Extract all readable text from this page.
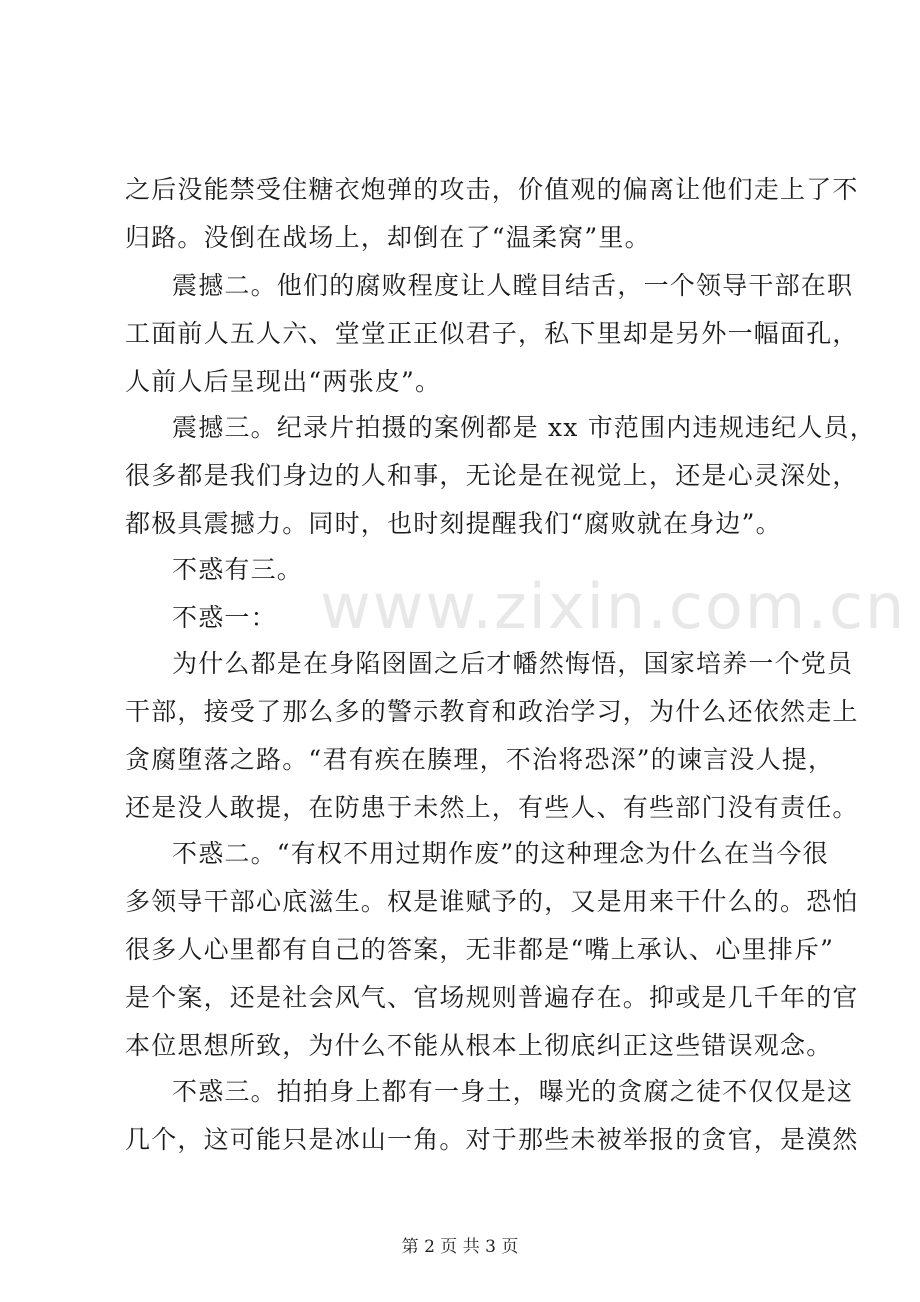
www.zixin.com.cn
之后没能禁受住糖衣炮弹的攻击，价值观的偏离让他们走上了不
归路。没倒在战场上，却倒在了“温柔窝”里。
震撼二。他们的腐败程度让人瞠目结舌，一个领导干部在职
工面前人五人六、堂堂正正似君子，私下里却是另外一幅面孔，
人前人后呈现出“两张皮”。
震撼三。纪录片拍摄的案例都是 xx 市范围内违规违纪人员，
很多都是我们身边的人和事，无论是在视觉上，还是心灵深处，
都极具震撼力。同时，也时刻提醒我们“腐败就在身边”。
不惑有三。
不惑一：
为什么都是在身陷囹圄之后才幡然悔悟，国家培养一个党员
干部，接受了那么多的警示教育和政治学习，为什么还依然走上
贪腐堕落之路。“君有疾在腠理，不治将恐深”的谏言没人提，
还是没人敢提，在防患于未然上，有些人、有些部门没有责任。
不惑二。“有权不用过期作废”的这种理念为什么在当今很
多领导干部心底滋生。权是谁赋予的，又是用来干什么的。恐怕
很多人心里都有自己的答案，无非都是“嘴上承认、心里排斥”
是个案，还是社会风气、官场规则普遍存在。抑或是几千年的官
本位思想所致，为什么不能从根本上彻底纠正这些错误观念。
不惑三。拍拍身上都有一身土，曝光的贪腐之徒不仅仅是这
几个，这可能只是冰山一角。对于那些未被举报的贪官，是漠然
第 2 页 共 3 页
